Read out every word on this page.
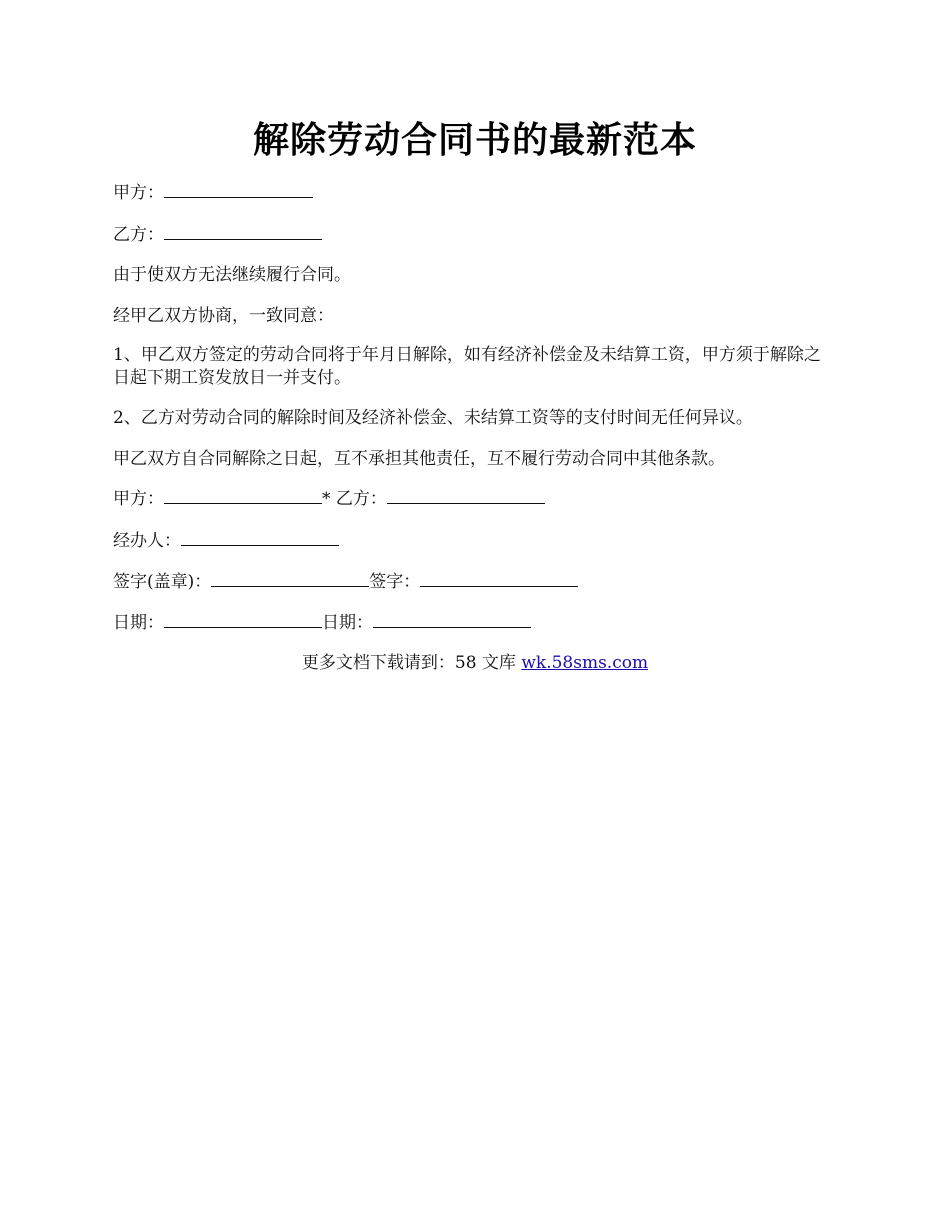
解除劳动合同书的最新范本

甲方：

乙方：

由于使双方无法继续履行合同。

经甲乙双方协商，一致同意：

1、甲乙双方签定的劳动合同将于年月日解除，如有经济补偿金及未结算工资，甲方须于解除之日起下期工资发放日一并支付。

2、乙方对劳动合同的解除时间及经济补偿金、未结算工资等的支付时间无任何异议。

甲乙双方自合同解除之日起，互不承担其他责任，互不履行劳动合同中其他条款。

甲方：	* 乙方：

经办人：

签字(盖章)：	签字：

日期：	日期：

更多文档下载请到：58 文库 wk.58sms.com
